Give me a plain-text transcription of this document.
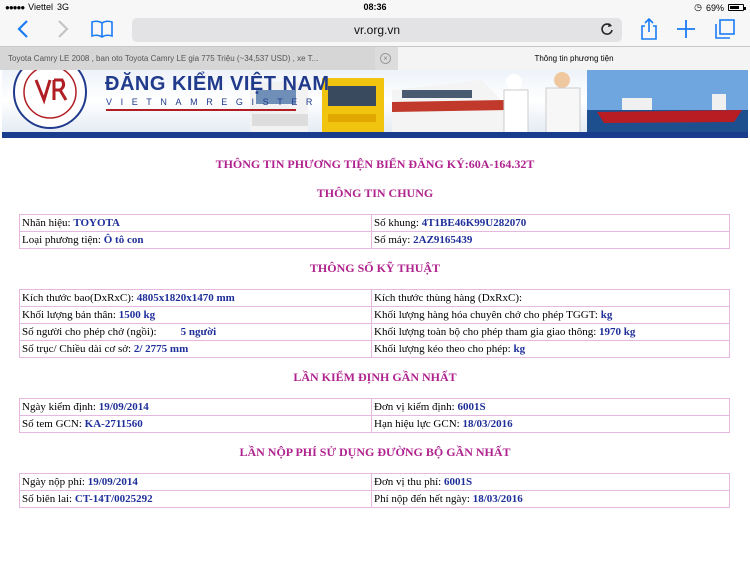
●●●●● Viettel 3G	08:36	◷ 69%
vr.org.vn
Toyota Camry LE 2008 , ban oto Toyota Camry LE gia 775 Triệu (~34,537 USD) , xe T...	×	Thông tin phương tiện
ĐĂNG KIỂM VIỆT NAM
VIETNAMREGISTER
THÔNG TIN PHƯƠNG TIỆN BIỂN ĐĂNG KÝ:60A-164.32T
THÔNG TIN CHUNG
Nhãn hiệu: TOYOTA	Số khung: 4T1BE46K99U282070
Loại phương tiện: Ô tô con	Số máy: 2AZ9165439
THÔNG SỐ KỸ THUẬT
Kích thước bao(DxRxC): 4805x1820x1470 mm	Kích thước thùng hàng (DxRxC):
Khối lượng bản thân: 1500 kg	Khối lượng hàng hóa chuyên chở cho phép TGGT: kg
Số người cho phép chở (ngồi): 5 người	Khối lượng toàn bộ cho phép tham gia giao thông: 1970 kg
Số trục/ Chiều dài cơ sở: 2/ 2775 mm	Khối lượng kéo theo cho phép: kg
LẦN KIỂM ĐỊNH GẦN NHẤT
Ngày kiểm định: 19/09/2014	Đơn vị kiểm định: 6001S
Số tem GCN: KA-2711560	Hạn hiệu lực GCN: 18/03/2016
LẦN NỘP PHÍ SỬ DỤNG ĐƯỜNG BỘ GẦN NHẤT
Ngày nộp phí: 19/09/2014	Đơn vị thu phí: 6001S
Số biên lai: CT-14T/0025292	Phí nộp đến hết ngày: 18/03/2016
